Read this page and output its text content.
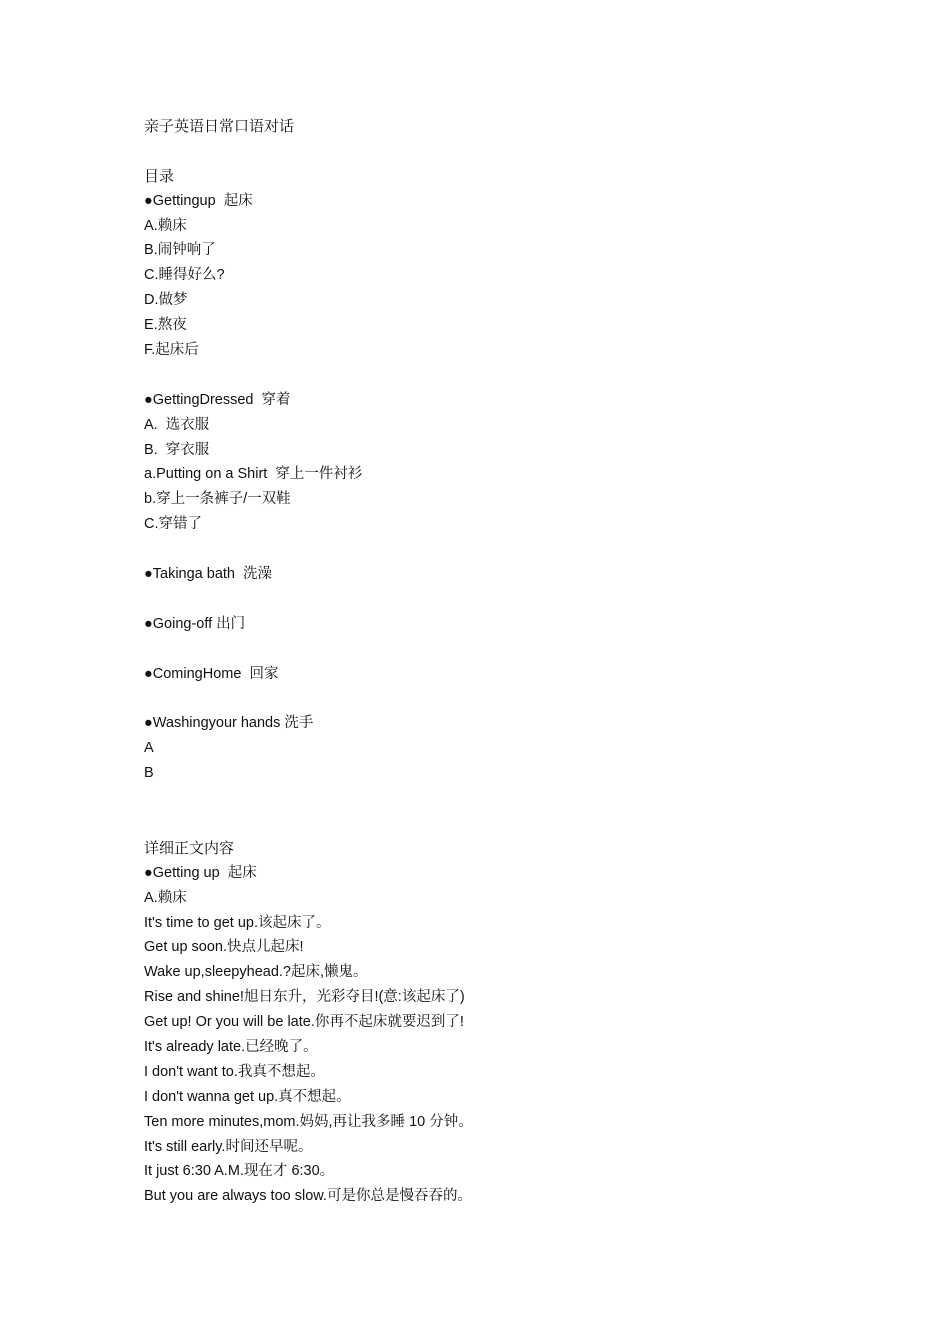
亲子英语日常口语对话
目录
●Gettingup  起床
A.赖床
B.闹钟响了
C.睡得好么?
D.做梦
E.熬夜
F.起床后
●GettingDressed  穿着
A.  选衣服
B.  穿衣服
a.Putting on a Shirt  穿上一件衬衫
b.穿上一条裤子/一双鞋
C.穿错了
●Takinga bath  洗澡
●Going-off 出门
●ComingHome  回家
●Washingyour hands 洗手
A
B
详细正文内容
●Getting up  起床
A.赖床
It's time to get up.该起床了。
Get up soon.快点儿起床!
Wake up,sleepyhead.?起床,懒鬼。
Rise and shine!旭日东升，光彩夺目!(意:该起床了)
Get up! Or you will be late.你再不起床就要迟到了!
It's already late.已经晚了。
I don't want to.我真不想起。
I don't wanna get up.真不想起。
Ten more minutes,mom.妈妈,再让我多睡 10 分钟。
It's still early.时间还早呢。
It just 6:30 A.M.现在才 6:30。
But you are always too slow.可是你总是慢吞吞的。
